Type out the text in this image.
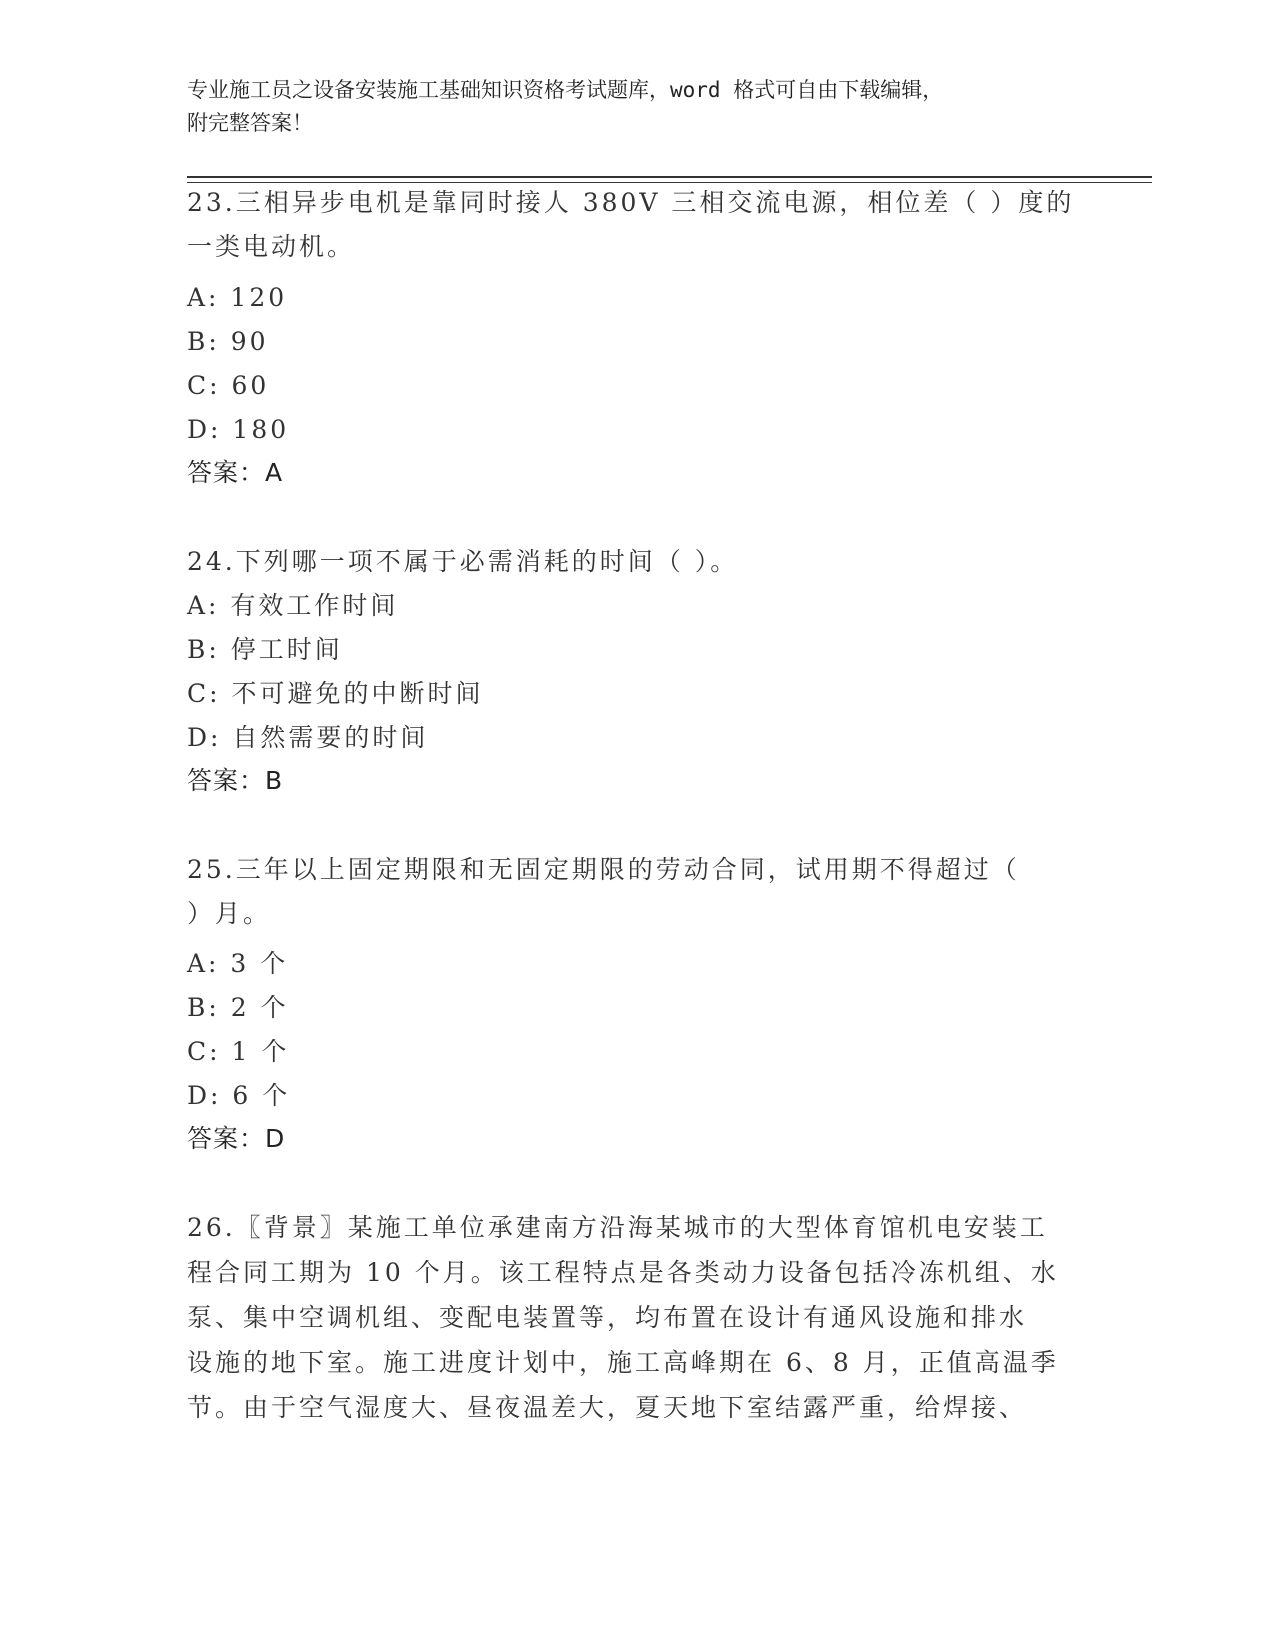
专业施工员之设备安装施工基础知识资格考试题库，word 格式可自由下载编辑，
附完整答案！
23.三相异步电机是靠同时接人 380V 三相交流电源，相位差（ ）度的
一类电动机。
A: 120
B: 90
C: 60
D: 180
答案：A
24.下列哪一项不属于必需消耗的时间（ ）。
A: 有效工作时间
B: 停工时间
C: 不可避免的中断时间
D: 自然需要的时间
答案：B
25.三年以上固定期限和无固定期限的劳动合同，试用期不得超过（
）月。
A: 3 个
B: 2 个
C: 1 个
D: 6 个
答案：D
26.〖背景〗某施工单位承建南方沿海某城市的大型体育馆机电安装工
程合同工期为 10 个月。该工程特点是各类动力设备包括冷冻机组、水
泵、集中空调机组、变配电装置等，均布置在设计有通风设施和排水
设施的地下室。施工进度计划中，施工高峰期在 6、8 月，正值高温季
节。由于空气湿度大、昼夜温差大，夏天地下室结露严重，给焊接、
